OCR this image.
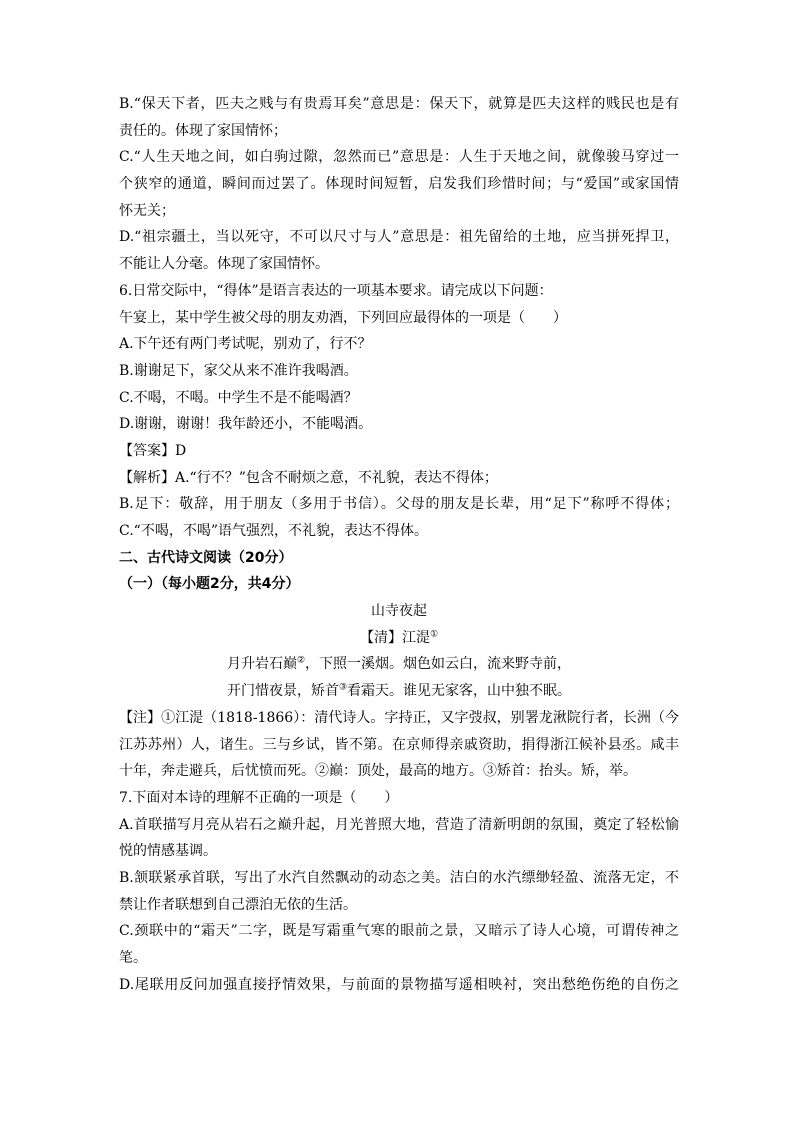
B.“保天下者，匹夫之贱与有贵焉耳矣”意思是：保天下，就算是匹夫这样的贱民也是有
责任的。体现了家国情怀；
C.“人生天地之间，如白驹过隙，忽然而已”意思是：人生于天地之间，就像骏马穿过一
个狭窄的通道，瞬间而过罢了。体现时间短暂，启发我们珍惜时间；与“爱国”或家国情
怀无关；
D.“祖宗疆土，当以死守，不可以尺寸与人”意思是：祖先留给的土地，应当拼死捍卫，
不能让人分毫。体现了家国情怀。
6.日常交际中，“得体”是语言表达的一项基本要求。请完成以下问题：
午宴上，某中学生被父母的朋友劝酒，下列回应最得体的一项是（　　）
A.下午还有两门考试呢，别劝了，行不？
B.谢谢足下，家父从来不准许我喝酒。
C.不喝，不喝。中学生不是不能喝酒？
D.谢谢，谢谢！我年龄还小，不能喝酒。
【答案】D
【解析】A.“行不？”包含不耐烦之意，不礼貌，表达不得体；
B.足下：敬辞，用于朋友（多用于书信）。父母的朋友是长辈，用“足下”称呼不得体；
C.“不喝，不喝”语气强烈，不礼貌，表达不得体。
二、古代诗文阅读（20分）
（一）（每小题2分，共4分）
山寺夜起
【清】江湜①
月升岩石巅②，下照一溪烟。烟色如云白，流来野寺前，
开门惜夜景，矫首③看霜天。谁见无家客，山中独不眠。
【注】①江湜（1818-1866）：清代诗人。字持正，又字弢叔，别署龙湫院行者，长洲（今
江苏苏州）人，诸生。三与乡试，皆不第。在京师得亲戚资助，捐得浙江候补县丞。咸丰
十年，奔走避兵，后忧愤而死。②巅：顶处，最高的地方。③矫首：抬头。矫，举。
7.下面对本诗的理解不正确的一项是（　　）
A.首联描写月亮从岩石之巅升起，月光普照大地，营造了清新明朗的氛围，奠定了轻松愉
悦的情感基调。
B.颔联紧承首联，写出了水汽自然飘动的动态之美。洁白的水汽缥缈轻盈、流落无定，不
禁让作者联想到自己漂泊无依的生活。
C.颈联中的“霜天”二字，既是写霜重气寒的眼前之景，又暗示了诗人心境，可谓传神之
笔。
D.尾联用反问加强直接抒情效果，与前面的景物描写遥相映衬，突出愁绝伤绝的自伤之
